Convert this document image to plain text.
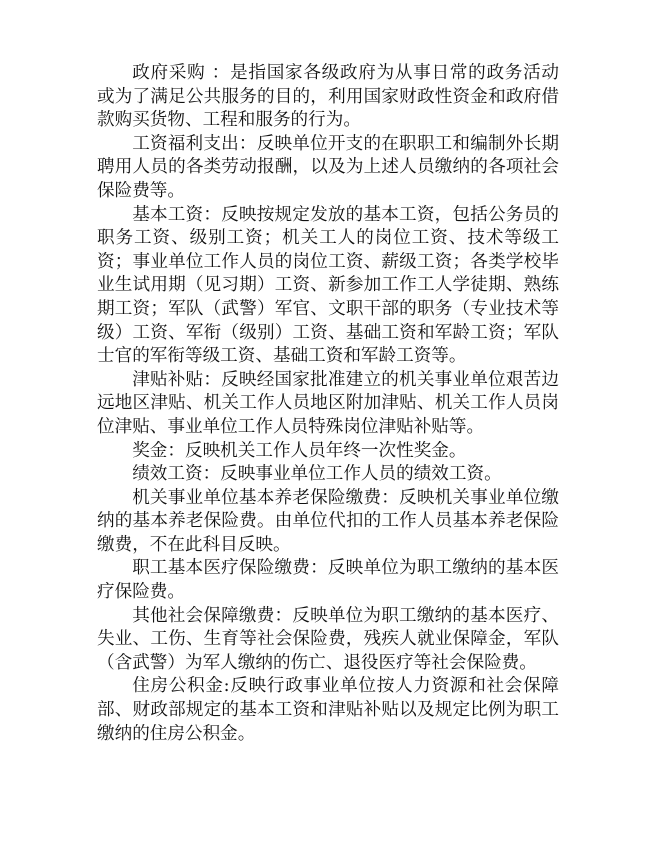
政府采购 ：是指国家各级政府为从事日常的政务活动或为了满足公共服务的目的，利用国家财政性资金和政府借款购买货物、工程和服务的行为。

工资福利支出：反映单位开支的在职职工和编制外长期聘用人员的各类劳动报酬，以及为上述人员缴纳的各项社会保险费等。

基本工资：反映按规定发放的基本工资，包括公务员的职务工资、级别工资；机关工人的岗位工资、技术等级工资；事业单位工作人员的岗位工资、薪级工资；各类学校毕业生试用期（见习期）工资、新参加工作工人学徒期、熟练期工资；军队（武警）军官、文职干部的职务（专业技术等级）工资、军衔（级别）工资、基础工资和军龄工资；军队士官的军衔等级工资、基础工资和军龄工资等。

津贴补贴：反映经国家批准建立的机关事业单位艰苦边远地区津贴、机关工作人员地区附加津贴、机关工作人员岗位津贴、事业单位工作人员特殊岗位津贴补贴等。

奖金：反映机关工作人员年终一次性奖金。

绩效工资：反映事业单位工作人员的绩效工资。

机关事业单位基本养老保险缴费：反映机关事业单位缴纳的基本养老保险费。由单位代扣的工作人员基本养老保险缴费，不在此科目反映。

职工基本医疗保险缴费：反映单位为职工缴纳的基本医疗保险费。

其他社会保障缴费：反映单位为职工缴纳的基本医疗、失业、工伤、生育等社会保险费，残疾人就业保障金，军队（含武警）为军人缴纳的伤亡、退役医疗等社会保险费。

住房公积金:反映行政事业单位按人力资源和社会保障部、财政部规定的基本工资和津贴补贴以及规定比例为职工缴纳的住房公积金。
